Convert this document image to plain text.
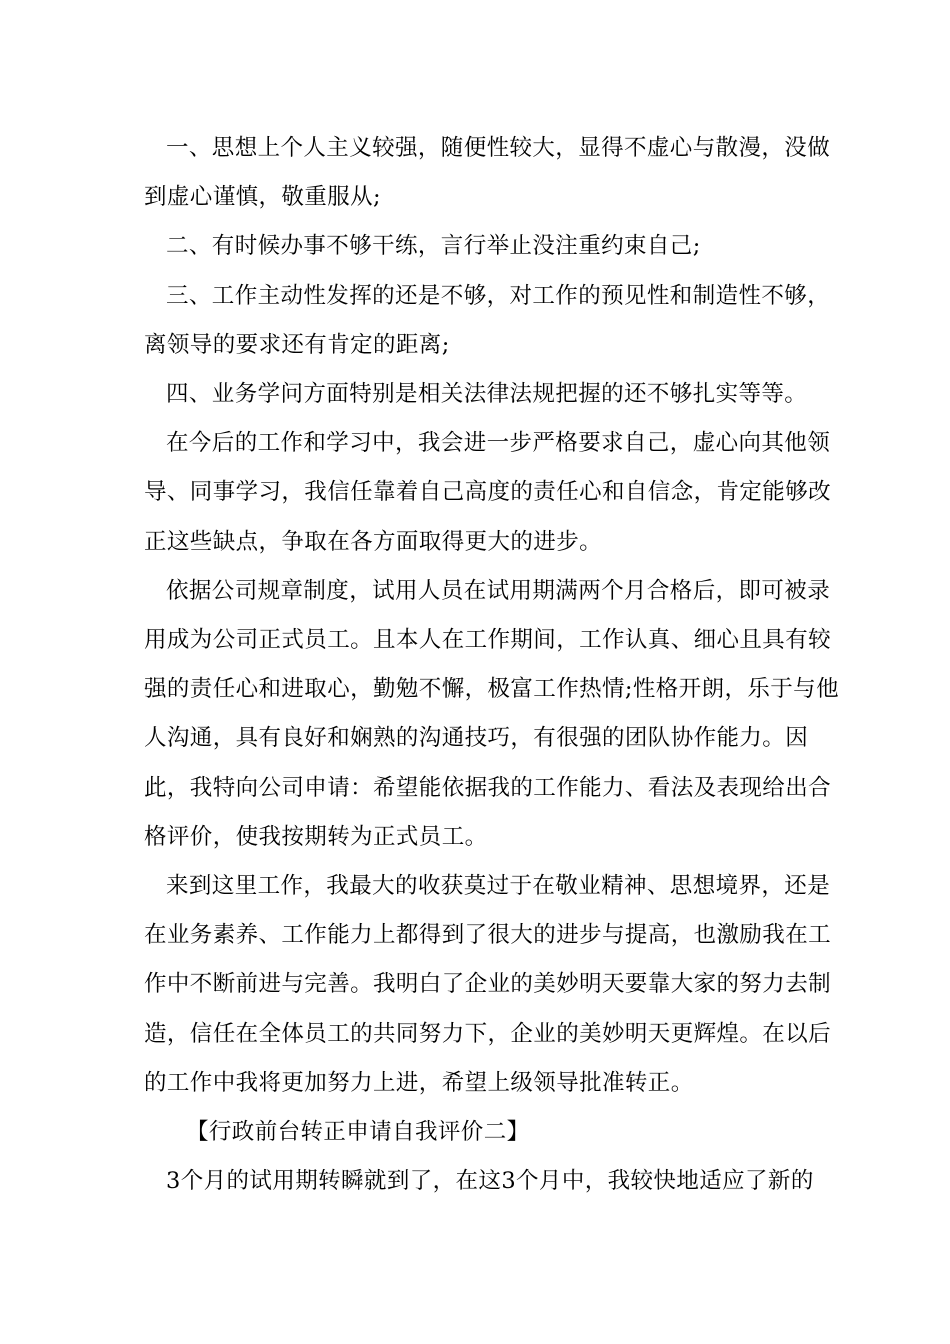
一、思想上个人主义较强，随便性较大，显得不虚心与散漫，没做到虚心谨慎，敬重服从;

二、有时候办事不够干练，言行举止没注重约束自己;

三、工作主动性发挥的还是不够，对工作的预见性和制造性不够，离领导的要求还有肯定的距离;

四、业务学问方面特别是相关法律法规把握的还不够扎实等等。

在今后的工作和学习中，我会进一步严格要求自己，虚心向其他领导、同事学习，我信任靠着自己高度的责任心和自信念，肯定能够改正这些缺点，争取在各方面取得更大的进步。

依据公司规章制度，试用人员在试用期满两个月合格后，即可被录用成为公司正式员工。且本人在工作期间，工作认真、细心且具有较强的责任心和进取心，勤勉不懈，极富工作热情;性格开朗，乐于与他人沟通，具有良好和娴熟的沟通技巧，有很强的团队协作能力。因此，我特向公司申请：希望能依据我的工作能力、看法及表现给出合格评价，使我按期转为正式员工。

来到这里工作，我最大的收获莫过于在敬业精神、思想境界，还是在业务素养、工作能力上都得到了很大的进步与提高，也激励我在工作中不断前进与完善。我明白了企业的美妙明天要靠大家的努力去制造，信任在全体员工的共同努力下，企业的美妙明天更辉煌。在以后的工作中我将更加努力上进，希望上级领导批准转正。

【行政前台转正申请自我评价二】

3个月的试用期转瞬就到了，在这3个月中，我较快地适应了新的
